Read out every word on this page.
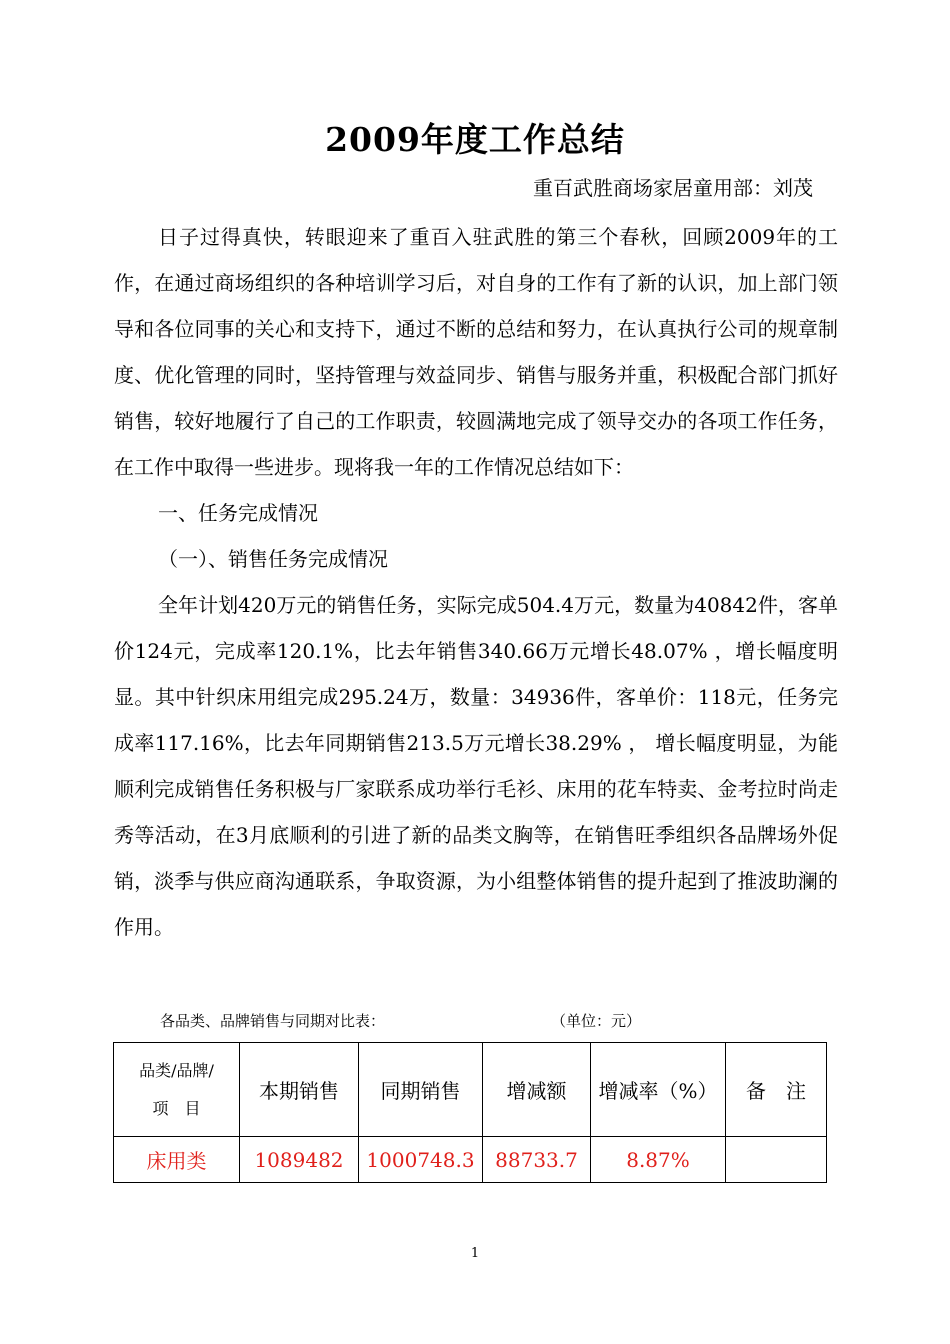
2009年度工作总结
重百武胜商场家居童用部：刘茂

日子过得真快，转眼迎来了重百入驻武胜的第三个春秋，回顾2009年的工作，在通过商场组织的各种培训学习后，对自身的工作有了新的认识，加上部门领导和各位同事的关心和支持下，通过不断的总结和努力，在认真执行公司的规章制度、优化管理的同时，坚持管理与效益同步、销售与服务并重，积极配合部门抓好销售，较好地履行了自己的工作职责，较圆满地完成了领导交办的各项工作任务，在工作中取得一些进步。现将我一年的工作情况总结如下：

一、任务完成情况

（一）、销售任务完成情况

全年计划420万元的销售任务，实际完成504.4万元，数量为40842件，客单价124元，完成率120.1%，比去年销售340.66万元增长48.07% ，增长幅度明显。其中针织床用组完成295.24万，数量：34936件，客单价：118元，任务完成率117.16%，比去年同期销售213.5万元增长38.29% ， 增长幅度明显，为能顺利完成销售任务积极与厂家联系成功举行毛衫、床用的花车特卖、金考拉时尚走秀等活动，在3月底顺利的引进了新的品类文胸等，在销售旺季组织各品牌场外促销，淡季与供应商沟通联系，争取资源，为小组整体销售的提升起到了推波助澜的作用。

各品类、品牌销售与同期对比表：	（单位：元）
品类/品牌/
项　目	本期销售	同期销售	增减额	增减率（%）	备　注
床用类	1089482	1000748.3	88733.7	8.87%	
1
